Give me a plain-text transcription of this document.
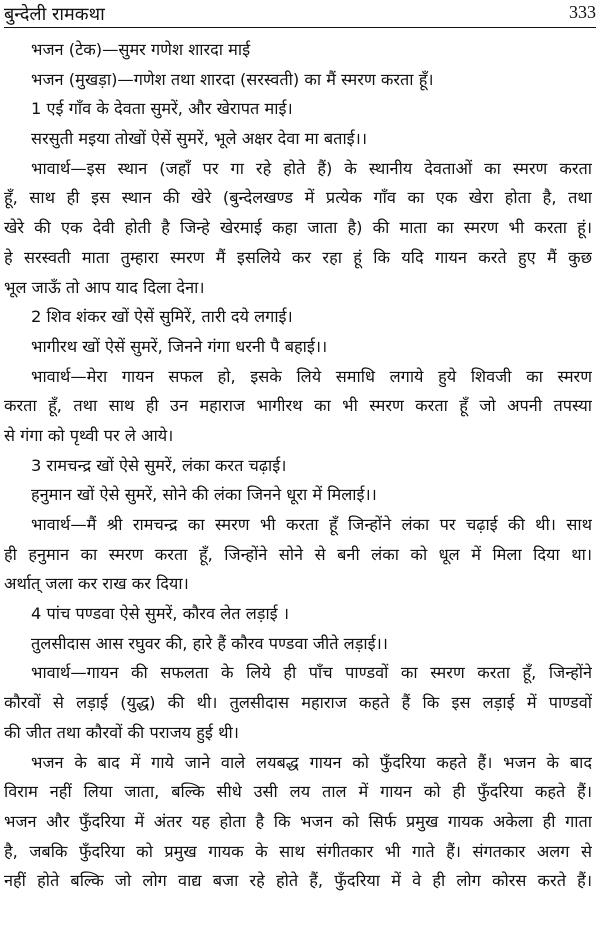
बुन्देली रामकथा	333
भजन (टेक)—सुमर गणेश शारदा माई
भजन (मुखड़ा)—गणेश तथा शारदा (सरस्वती) का मैं स्मरण करता हूँ।
1 एई गाँव के देवता सुमरें, और खेरापत माई।
सरसुती मइया तोखों ऐसें सुमरें, भूले अक्षर देवा मा बताई।।
भावार्थ—इस स्थान (जहाँ पर गा रहे होते हैं) के स्थानीय देवताओं का स्मरण करता
हूँ, साथ ही इस स्थान की खेरे (बुन्देलखण्ड में प्रत्येक गाँव का एक खेरा होता है, तथा
खेरे की एक देवी होती है जिन्हे खेरमाई कहा जाता है) की माता का स्मरण भी करता हूं।
हे सरस्वती माता तुम्हारा स्मरण मैं इसलिये कर रहा हूं कि यदि गायन करते हुए मैं कुछ
भूल जाऊँ तो आप याद दिला देना।
2 शिव शंकर खों ऐसें सुमिरें, तारी दये लगाई।
भागीरथ खों ऐसें सुमरें, जिनने गंगा धरनी पै बहाई।।
भावार्थ—मेरा गायन सफल हो, इसके लिये समाधि लगाये हुये शिवजी का स्मरण
करता हूँ, तथा साथ ही उन महाराज भागीरथ का भी स्मरण करता हूँ जो अपनी तपस्या
से गंगा को पृथ्वी पर ले आये।
3 रामचन्द्र खों ऐसे सुमरें, लंका करत चढ़ाई।
हनुमान खों ऐसे सुमरें, सोने की लंका जिनने धूरा में मिलाई।।
भावार्थ—मैं श्री रामचन्द्र का स्मरण भी करता हूँ जिन्होंने लंका पर चढ़ाई की थी। साथ
ही हनुमान का स्मरण करता हूँ, जिन्होंने सोने से बनी लंका को धूल में मिला दिया था।
अर्थात् जला कर राख कर दिया।
4 पांच पण्डवा ऐसे सुमरें, कौरव लेत लड़ाई ।
तुलसीदास आस रघुवर की, हारे हैं कौरव पण्डवा जीते लड़ाई।।
भावार्थ—गायन की सफलता के लिये ही पाँच पाण्डवों का स्मरण करता हूँ, जिन्होंने
कौरवों से लड़ाई (युद्ध) की थी। तुलसीदास महाराज कहते हैं कि इस लड़ाई में पाण्डवों
की जीत तथा कौरवों की पराजय हुई थी।
भजन के बाद में गाये जाने वाले लयबद्ध गायन को फुँदरिया कहते हैं। भजन के बाद
विराम नहीं लिया जाता, बल्कि सीधे उसी लय ताल में गायन को ही फुँदरिया कहते हैं।
भजन और फुँदरिया में अंतर यह होता है कि भजन को सिर्फ प्रमुख गायक अकेला ही गाता
है, जबकि फुँदरिया को प्रमुख गायक के साथ संगीतकार भी गाते हैं। संगतकार अलग से
नहीं होते बल्कि जो लोग वाद्य बजा रहे होते हैं, फुँदरिया में वे ही लोग कोरस करते हैं।
